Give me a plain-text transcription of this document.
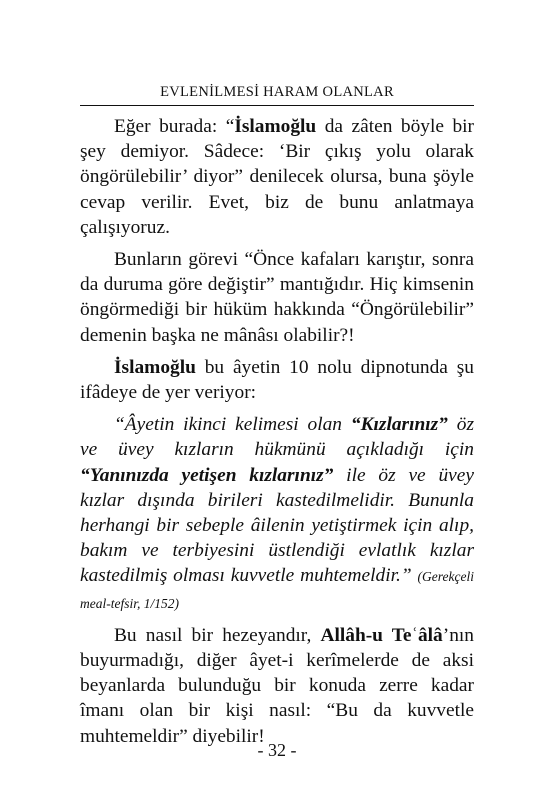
EVLENİLMESİ HARAM OLANLAR

Eğer burada: “İslamoğlu da zâten böyle bir şey demiyor. Sâdece: ‘Bir çıkış yolu olarak öngörülebilir’ diyor” denilecek olursa, buna şöyle cevap verilir. Evet, biz de bunu anlatmaya çalışıyoruz.

Bunların görevi “Önce kafaları karıştır, sonra da duruma göre değiştir” mantığıdır. Hiç kimsenin öngörmediği bir hüküm hakkında “Öngörülebilir” demenin başka ne mânâsı olabilir?!

İslamoğlu bu âyetin 10 nolu dipnotunda şu ifâdeye de yer veriyor:

“Âyetin ikinci kelimesi olan “Kızlarınız” öz ve üvey kızların hükmünü açıkladığı için “Yanınızda yetişen kızlarınız” ile öz ve üvey kızlar dışında birileri kastedilmelidir. Bununla herhangi bir sebeple âilenin yetiştirmek için alıp, bakım ve terbiyesini üstlendiği evlatlık kızlar kastedilmiş olması kuvvetle muhtemeldir.” (Gerekçeli meal-tefsir, 1/152)

Bu nasıl bir hezeyandır, Allâh-u Teʿâlâ’nın buyurmadığı, diğer âyet-i kerîmelerde de aksi beyanlarda bulunduğu bir konuda zerre kadar îmanı olan bir kişi nasıl: “Bu da kuvvetle muhtemeldir” diyebilir!

- 32 -
